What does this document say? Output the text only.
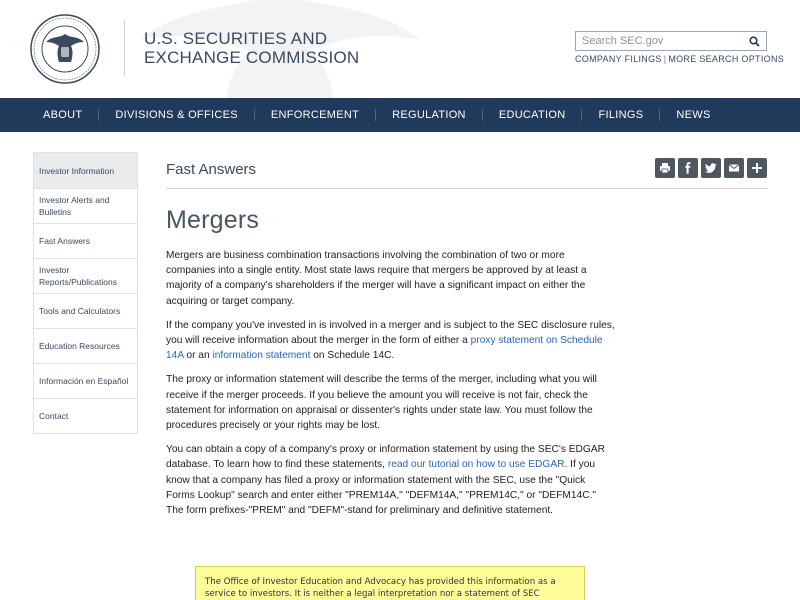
U.S. SECURITIES AND
EXCHANGE COMMISSION
Search SEC.gov	COMPANY FILINGS | MORE SEARCH OPTIONS
ABOUT	DIVISIONS & OFFICES	ENFORCEMENT	REGULATION	EDUCATION	FILINGS	NEWS
Investor Information
Investor Alerts and Bulletins
Fast Answers
Investor Reports/Publications
Tools and Calculators
Education Resources
Información en Español
Contact
Fast Answers
Mergers

Mergers are business combination transactions involving the combination of two or more companies into a single entity. Most state laws require that mergers be approved by at least a majority of a company's shareholders if the merger will have a significant impact on either the acquiring or target company.

If the company you've invested in is involved in a merger and is subject to the SEC disclosure rules, you will receive information about the merger in the form of either a proxy statement on Schedule 14A or an information statement on Schedule 14C.

The proxy or information statement will describe the terms of the merger, including what you will receive if the merger proceeds. If you believe the amount you will receive is not fair, check the statement for information on appraisal or dissenter's rights under state law. You must follow the procedures precisely or your rights may be lost.

You can obtain a copy of a company's proxy or information statement by using the SEC's EDGAR database. To learn how to find these statements, read our tutorial on how to use EDGAR. If you know that a company has filed a proxy or information statement with the SEC, use the "Quick Forms Lookup" search and enter either "PREM14A," "DEFM14A," "PREM14C," or "DEFM14C." The form prefixes-"PREM" and "DEFM"-stand for preliminary and definitive statement.

The Office of Investor Education and Advocacy has provided this information as a service to investors. It is neither a legal interpretation nor a statement of SEC
